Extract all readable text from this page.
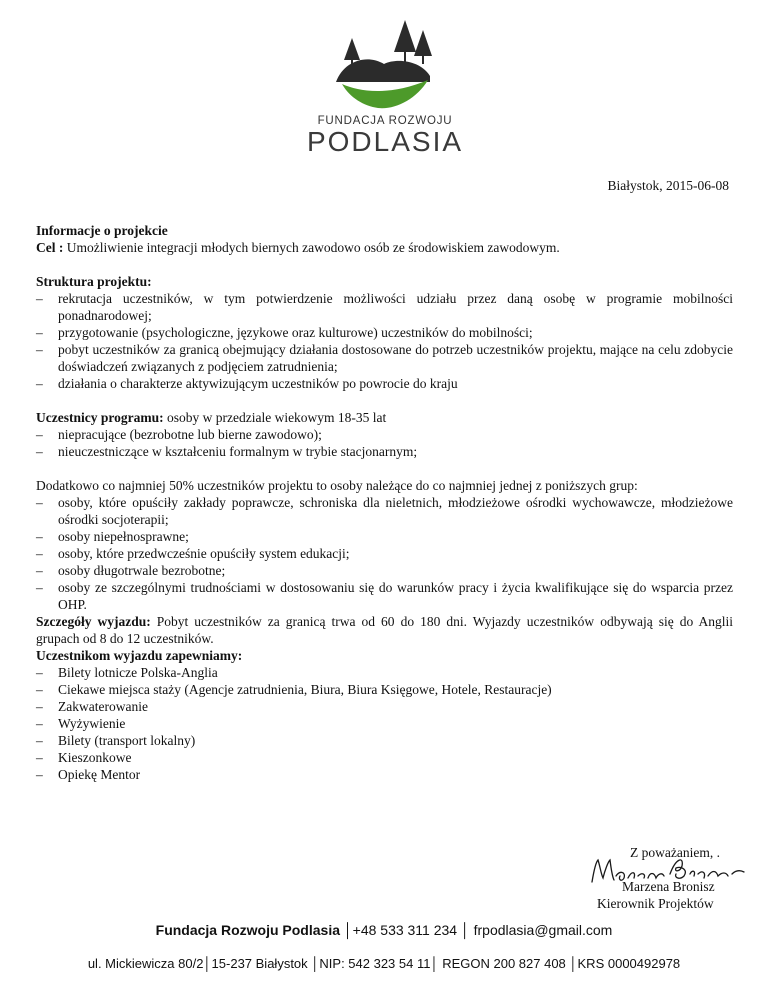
FUNDACJA ROZWOJU
PODLASIA
Białystok, 2015-06-08

Informacje o projekcie

Cel : Umożliwienie integracji młodych biernych zawodowo osób ze środowiskiem zawodowym.

Struktura projektu:

– rekrutacja uczestników, w tym potwierdzenie możliwości udziału przez daną osobę w programie mobilności ponadnarodowej;
– przygotowanie (psychologiczne, językowe oraz kulturowe) uczestników do mobilności;
– pobyt uczestników za granicą obejmujący działania dostosowane do potrzeb uczestników projektu, mające na celu zdobycie doświadczeń związanych z podjęciem zatrudnienia;
– działania o charakterze aktywizującym uczestników po powrocie do kraju

Uczestnicy programu: osoby w przedziale wiekowym 18-35 lat

– niepracujące (bezrobotne lub bierne zawodowo);
– nieuczestniczące w kształceniu formalnym w trybie stacjonarnym;

Dodatkowo co najmniej 50% uczestników projektu to osoby należące do co najmniej jednej z poniższych grup:

– osoby, które opuściły zakłady poprawcze, schroniska dla nieletnich, młodzieżowe ośrodki wychowawcze, młodzieżowe ośrodki socjoterapii;
– osoby niepełnosprawne;
– osoby, które przedwcześnie opuściły system edukacji;
– osoby długotrwale bezrobotne;
– osoby ze szczególnymi trudnościami w dostosowaniu się do warunków pracy i życia kwalifikujące się do wsparcia przez OHP.

Szczegóły wyjazdu: Pobyt uczestników za granicą trwa od 60 do 180 dni. Wyjazdy uczestników odbywają się do Anglii grupach od 8 do 12 uczestników.

Uczestnikom wyjazdu zapewniamy:

– Bilety lotnicze Polska-Anglia
– Ciekawe miejsca staży (Agencje zatrudnienia, Biura, Biura Księgowe, Hotele, Restauracje)
– Zakwaterowanie
– Wyżywienie
– Bilety (transport lokalny)
– Kieszonkowe
– Opiekę Mentor
Z poważaniem, .
Marzena Bronisz
Kierownik Projektów
Fundacja Rozwoju Podlasia │+48 533 311 234 │ frpodlasia@gmail.com
ul. Mickiewicza 80/2│15-237 Białystok │NIP: 542 323 54 11│ REGON 200 827 408 │KRS 0000492978
